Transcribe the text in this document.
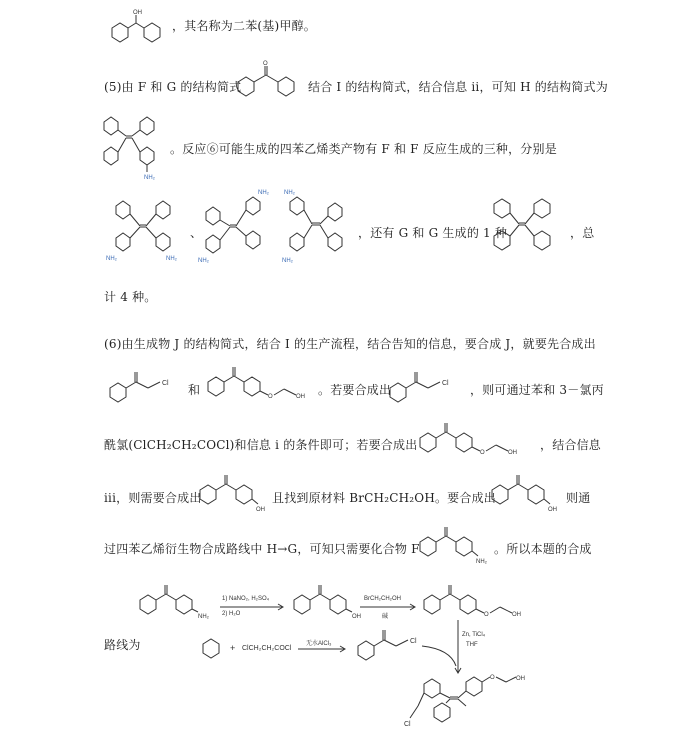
，其名称为二苯(基)甲醇。
(5)由 F 和 G 的结构简式	结合 I 的结构简式，结合信息 ii，可知 H 的结构简式为
。反应⑥可能生成的四苯乙烯类产物有 F 和 F 反应生成的三种，分别是
、	，还有 G 和 G 生成的 1 种	，总
计 4 种。
(6)由生成物 J 的结构简式，结合 I 的生产流程，结合告知的信息，要合成 J，就要先合成出
和	。若要合成出	，则可通过苯和 3－氯丙
酰氯(ClCH₂CH₂COCl)和信息 i 的条件即可；若要合成出	，结合信息
iii，则需要合成出	且找到原材料 BrCH₂CH₂OH。要合成出	则通
过四苯乙烯衍生物合成路线中 H→G，可知只需要化合物 F	。所以本题的合成
路线为
OH
O
NH₂
NH₂	NH₂
NH₂
NH₂
NH₂
NH₂
Cl
O	OH
Cl
O	OH
OH	OH
NH₂
NH₂
1) NaNO₂, H₂SO₄
2) H₂O	OH
BrCH₂CH₂OH
碱	O	OH
+ ClCH₂CH₂COCl
无水AlCl₃	Cl
Zn, TiCl₄
THF
O	OH
Cl
